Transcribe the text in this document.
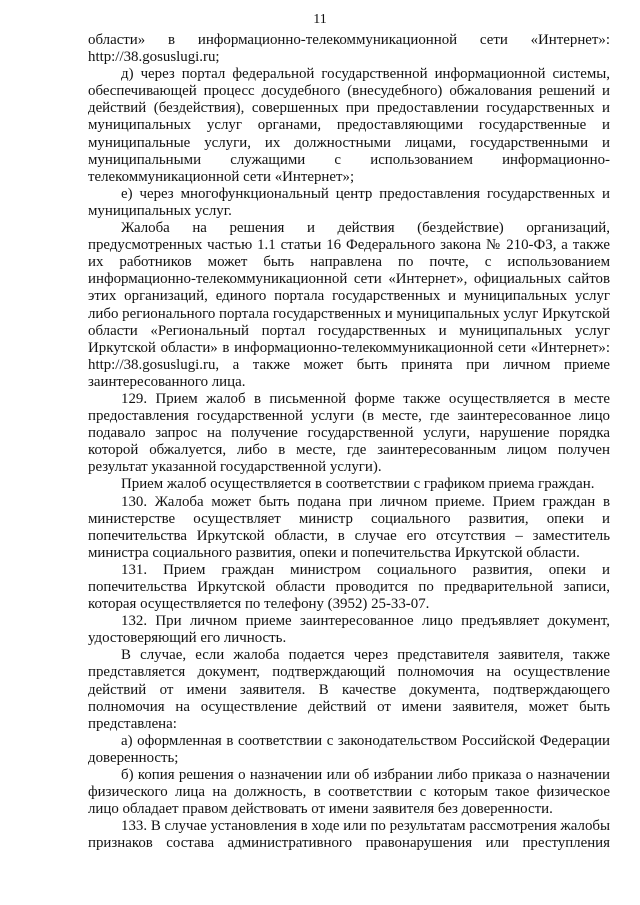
11

области» в информационно-телекоммуникационной сети «Интернет»: http://38.gosuslugi.ru;

д) через портал федеральной государственной информационной системы, обеспечивающей процесс досудебного (внесудебного) обжалования решений и действий (бездействия), совершенных при предоставлении государственных и муниципальных услуг органами, предоставляющими государственные и муниципальные услуги, их должностными лицами, государственными и муниципальными служащими с использованием информационно-телекоммуникационной сети «Интернет»;

е) через многофункциональный центр предоставления государственных и муниципальных услуг.

Жалоба на решения и действия (бездействие) организаций, предусмотренных частью 1.1 статьи 16 Федерального закона № 210-ФЗ, а также их работников может быть направлена по почте, с использованием информационно-телекоммуникационной сети «Интернет», официальных сайтов этих организаций, единого портала государственных и муниципальных услуг либо регионального портала государственных и муниципальных услуг Иркутской области «Региональный портал государственных и муниципальных услуг Иркутской области» в информационно-телекоммуникационной сети «Интернет»: http://38.gosuslugi.ru, а также может быть принята при личном приеме заинтересованного лица.

129. Прием жалоб в письменной форме также осуществляется в месте предоставления государственной услуги (в месте, где заинтересованное лицо подавало запрос на получение государственной услуги, нарушение порядка которой обжалуется, либо в месте, где заинтересованным лицом получен результат указанной государственной услуги).

Прием жалоб осуществляется в соответствии с графиком приема граждан.

130. Жалоба может быть подана при личном приеме. Прием граждан в министерстве осуществляет министр социального развития, опеки и попечительства Иркутской области, в случае его отсутствия – заместитель министра социального развития, опеки и попечительства Иркутской области.

131. Прием граждан министром социального развития, опеки и попечительства Иркутской области проводится по предварительной записи, которая осуществляется по телефону (3952) 25-33-07.

132. При личном приеме заинтересованное лицо предъявляет документ, удостоверяющий его личность.

В случае, если жалоба подается через представителя заявителя, также представляется документ, подтверждающий полномочия на осуществление действий от имени заявителя. В качестве документа, подтверждающего полномочия на осуществление действий от имени заявителя, может быть представлена:

а) оформленная в соответствии с законодательством Российской Федерации доверенность;

б) копия решения о назначении или об избрании либо приказа о назначении физического лица на должность, в соответствии с которым такое физическое лицо обладает правом действовать от имени заявителя без доверенности.

133. В случае установления в ходе или по результатам рассмотрения жалобы признаков состава административного правонарушения или преступления
